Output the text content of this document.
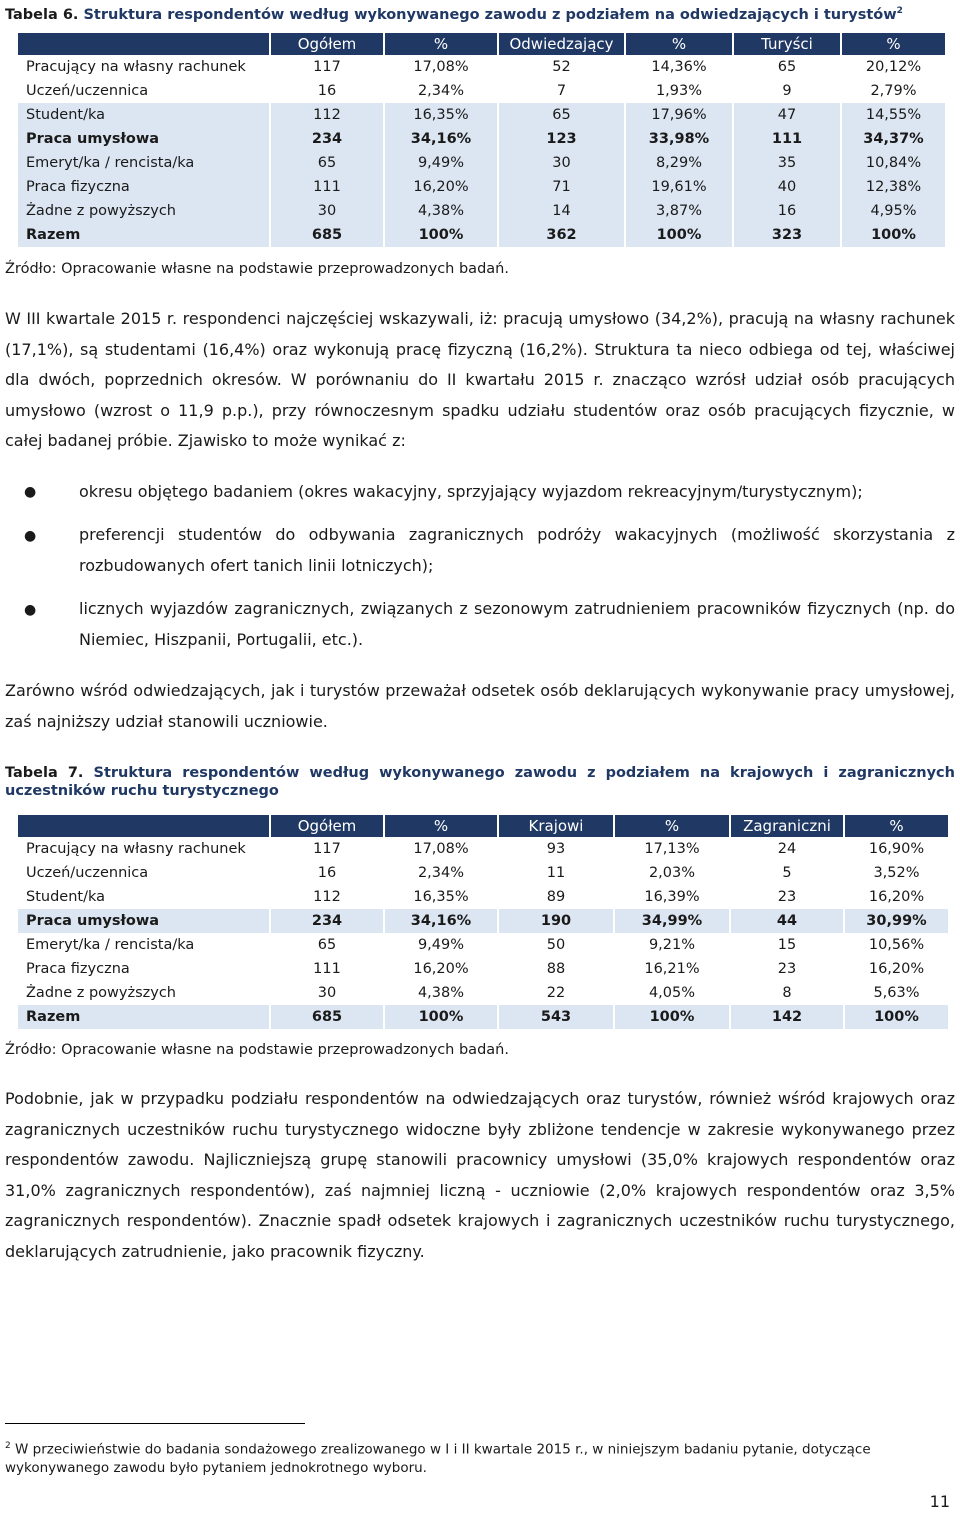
Tabela 6. Struktura respondentów według wykonywanego zawodu z podziałem na odwiedzających i turystów$^2$
	Ogółem	%	Odwiedzający	%	Turyści	%
Pracujący na własny rachunek	117	17,08%	52	14,36%	65	20,12%
Uczeń/uczennica	16	2,34%	7	1,93%	9	2,79%
Student/ka	112	16,35%	65	17,96%	47	14,55%
Praca umysłowa	234	34,16%	123	33,98%	111	34,37%
Emeryt/ka / rencista/ka	65	9,49%	30	8,29%	35	10,84%
Praca fizyczna	111	16,20%	71	19,61%	40	12,38%
Żadne z powyższych	30	4,38%	14	3,87%	16	4,95%
Razem	685	100%	362	100%	323	100%
Źródło: Opracowanie własne na podstawie przeprowadzonych badań.
W III kwartale 2015 r. respondenci najczęściej wskazywali, iż: pracują umysłowo (34,2%), pracują na własny rachunek (17,1%), są studentami (16,4%) oraz wykonują pracę fizyczną (16,2%). Struktura ta nieco odbiega od tej, właściwej dla dwóch, poprzednich okresów. W porównaniu do II kwartału 2015 r. znacząco wzrósł udział osób pracujących umysłowo (wzrost o 11,9 p.p.), przy równoczesnym spadku udziału studentów oraz osób pracujących fizycznie, w całej badanej próbie. Zjawisko to może wynikać z:
●	okresu objętego badaniem (okres wakacyjny, sprzyjający wyjazdom rekreacyjnym/turystycznym);
●	preferencji studentów do odbywania zagranicznych podróży wakacyjnych (możliwość skorzystania z rozbudowanych ofert tanich linii lotniczych);
●	licznych wyjazdów zagranicznych, związanych z sezonowym zatrudnieniem pracowników fizycznych (np. do Niemiec, Hiszpanii, Portugalii, etc.).
Zarówno wśród odwiedzających, jak i turystów przeważał odsetek osób deklarujących wykonywanie pracy umysłowej, zaś najniższy udział stanowili uczniowie.
Tabela 7. Struktura respondentów według wykonywanego zawodu z podziałem na krajowych i zagranicznych uczestników ruchu turystycznego
	Ogółem	%	Krajowi	%	Zagraniczni	%
Pracujący na własny rachunek	117	17,08%	93	17,13%	24	16,90%
Uczeń/uczennica	16	2,34%	11	2,03%	5	3,52%
Student/ka	112	16,35%	89	16,39%	23	16,20%
Praca umysłowa	234	34,16%	190	34,99%	44	30,99%
Emeryt/ka / rencista/ka	65	9,49%	50	9,21%	15	10,56%
Praca fizyczna	111	16,20%	88	16,21%	23	16,20%
Żadne z powyższych	30	4,38%	22	4,05%	8	5,63%
Razem	685	100%	543	100%	142	100%
Źródło: Opracowanie własne na podstawie przeprowadzonych badań.
Podobnie, jak w przypadku podziału respondentów na odwiedzających oraz turystów, również wśród krajowych oraz zagranicznych uczestników ruchu turystycznego widoczne były zbliżone tendencje w zakresie wykonywanego przez respondentów zawodu. Najliczniejszą grupę stanowili pracownicy umysłowi (35,0% krajowych respondentów oraz 31,0% zagranicznych respondentów), zaś najmniej liczną - uczniowie (2,0% krajowych respondentów oraz 3,5% zagranicznych respondentów). Znacznie spadł odsetek krajowych i zagranicznych uczestników ruchu turystycznego, deklarujących zatrudnienie, jako pracownik fizyczny.
$^2$ W przeciwieństwie do badania sondażowego zrealizowanego w I i II kwartale 2015 r., w niniejszym badaniu pytanie, dotyczące wykonywanego zawodu było pytaniem jednokrotnego wyboru.
11
